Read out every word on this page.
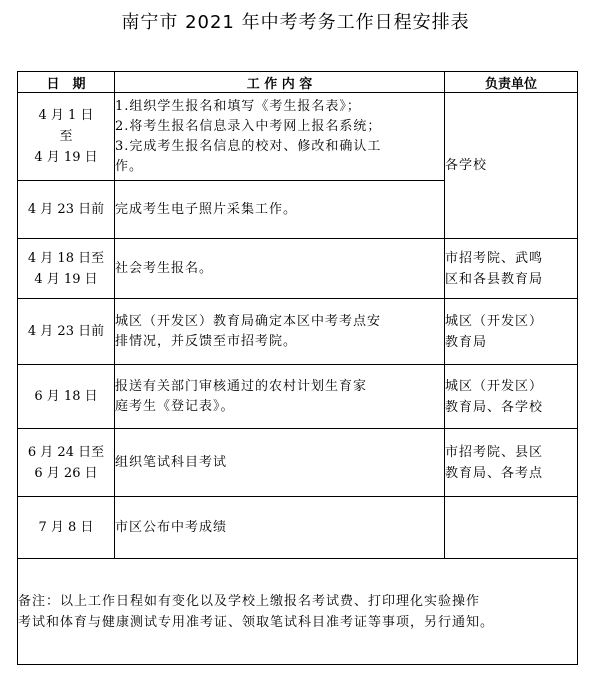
南宁市 2021 年中考考务工作日程安排表
日　期	工 作 内 容	负责单位

4 月 1 日
至
4 月 19 日	1.组织学生报名和填写《考生报名表》；
2.将考生报名信息录入中考网上报名系统；
3.完成考生报名信息的校对、修改和确认工
作。	各学校

4 月 23 日前	完成考生电子照片采集工作。	

4 月 18 日至
4 月 19 日	社会考生报名。	市招考院、武鸣
区和各县教育局

4 月 23 日前	城区（开发区）教育局确定本区中考考点安
排情况，并反馈至市招考院。	城区（开发区）
教育局

6 月 18 日	报送有关部门审核通过的农村计划生育家
庭考生《登记表》。	城区（开发区）
教育局、各学校

6 月 24 日至
6 月 26 日	组织笔试科目考试	市招考院、县区
教育局、各考点

7 月 8 日	市区公布中考成绩	

备注：以上工作日程如有变化以及学校上缴报名考试费、打印理化实验操作
考试和体育与健康测试专用准考证、领取笔试科目准考证等事项，另行通知。		
